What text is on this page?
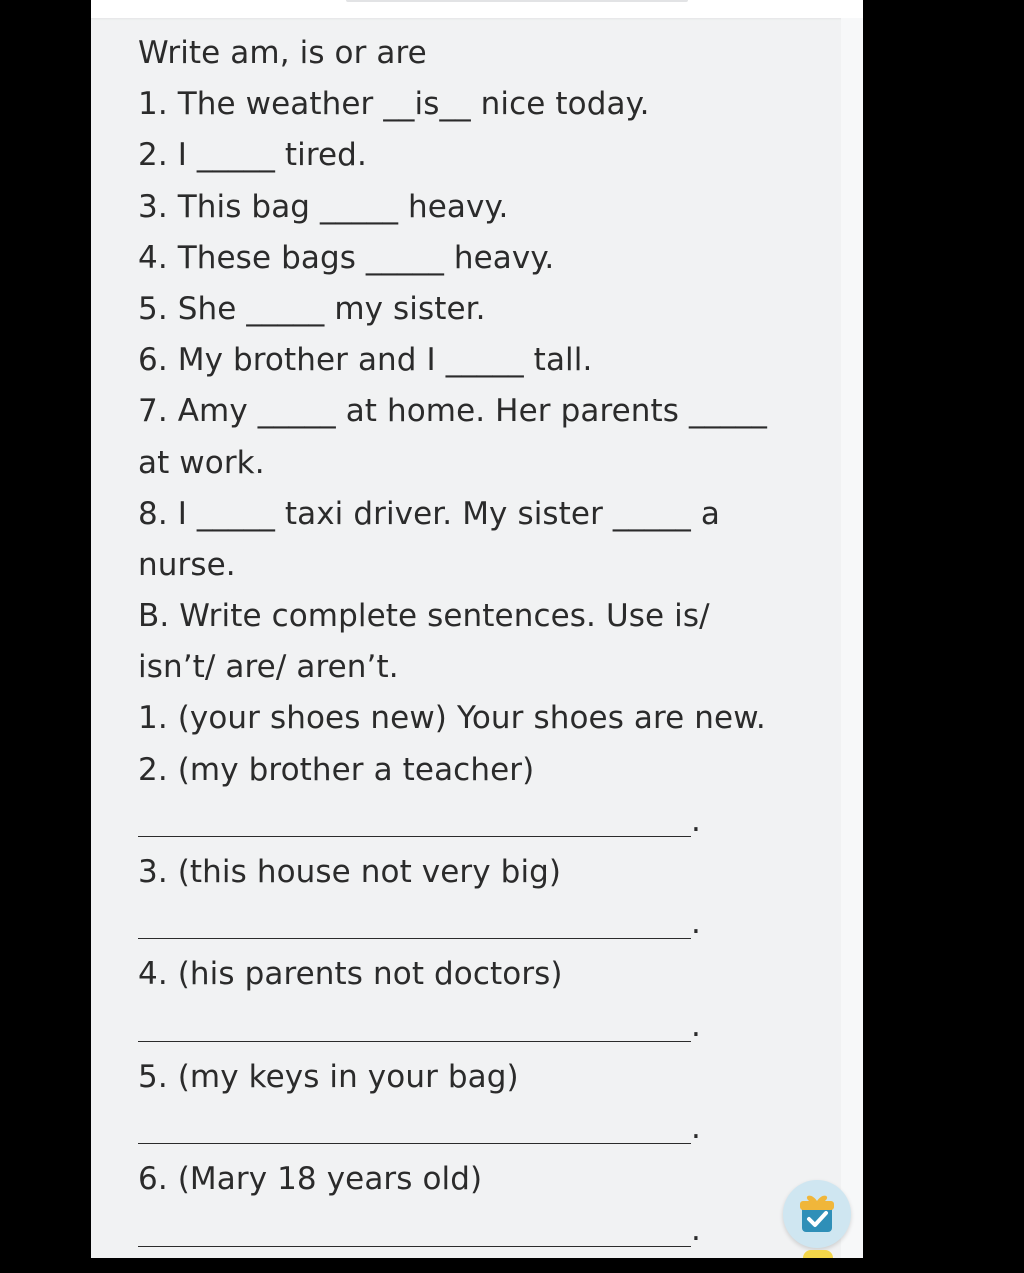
Write am, is or are
1. The weather __is__ nice today.
2. I _____ tired.
3. This bag _____ heavy.
4. These bags _____ heavy.
5. She _____ my sister.
6. My brother and I _____ tall.
7. Amy _____ at home. Her parents _____
at work.
8. I _____ taxi driver. My sister _____ a
nurse.
B. Write complete sentences. Use is/
isn’t/ are/ aren’t.
1. (your shoes new) Your shoes are new.
2. (my brother a teacher)
.
3. (this house not very big)
.
4. (his parents not doctors)
.
5. (my keys in your bag)
.
6. (Mary 18 years old)
.
